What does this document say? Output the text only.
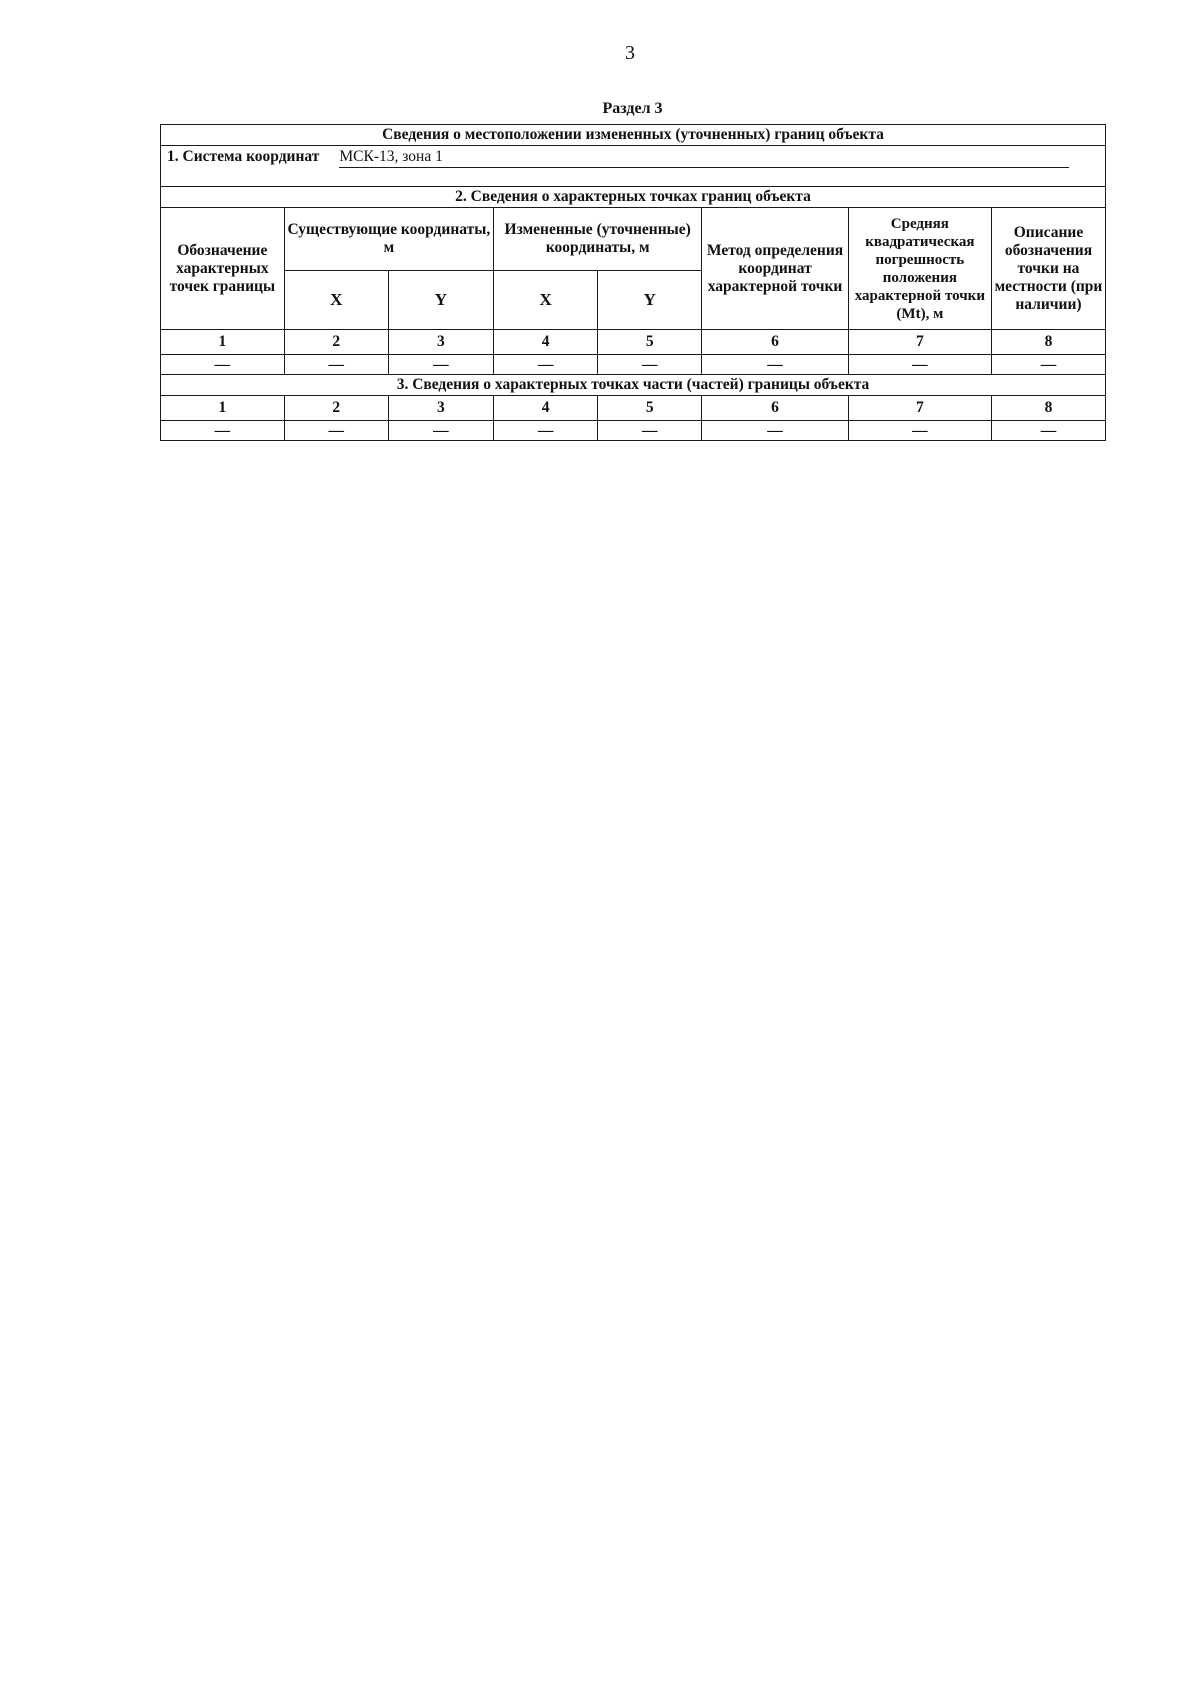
3
Раздел 3
Сведения о местоположении измененных (уточненных) границ объекта							
1. Система координат МСК-13, зона 1							

2. Сведения о характерных точках границ объекта							
Обозначение характерных точек границы	Существующие координаты, м		Измененные (уточненные) координаты, м		Метод определения координат характерной точки	Средняя квадратическая погрешность положения характерной точки (Mt), м	Описание обозначения точки на местности (при наличии)
	X	Y	X	Y			
1	2	3	4	5	6	7	8
—	—	—	—	—	—	—	—
3. Сведения о характерных точках части (частей) границы объекта							
1	2	3	4	5	6	7	8
—	—	—	—	—	—	—	—
